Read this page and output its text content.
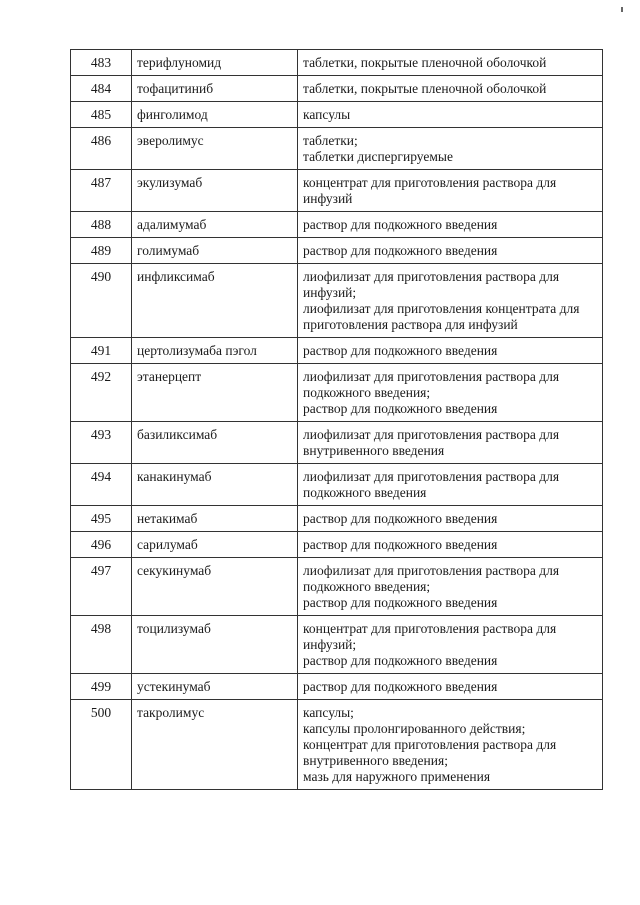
483	терифлуномид	таблетки, покрытые пленочной оболочкой
484	тофацитиниб	таблетки, покрытые пленочной оболочкой
485	финголимод	капсулы
486	эверолимус	таблетки;
таблетки диспергируемые
487	экулизумаб	концентрат для приготовления раствора для инфузий
488	адалимумаб	раствор для подкожного введения
489	голимумаб	раствор для подкожного введения
490	инфликсимаб	лиофилизат для приготовления раствора для инфузий;
лиофилизат для приготовления концентрата для приготовления раствора для инфузий
491	цертолизумаба пэгол	раствор для подкожного введения
492	этанерцепт	лиофилизат для приготовления раствора для подкожного введения;
раствор для подкожного введения
493	базиликсимаб	лиофилизат для приготовления раствора для внутривенного введения
494	канакинумаб	лиофилизат для приготовления раствора для подкожного введения
495	нетакимаб	раствор для подкожного введения
496	сарилумаб	раствор для подкожного введения
497	секукинумаб	лиофилизат для приготовления раствора для подкожного введения;
раствор для подкожного введения
498	тоцилизумаб	концентрат для приготовления раствора для инфузий;
раствор для подкожного введения
499	устекинумаб	раствор для подкожного введения
500	такролимус	капсулы;
капсулы пролонгированного действия;
концентрат для приготовления раствора для внутривенного введения;
мазь для наружного применения
